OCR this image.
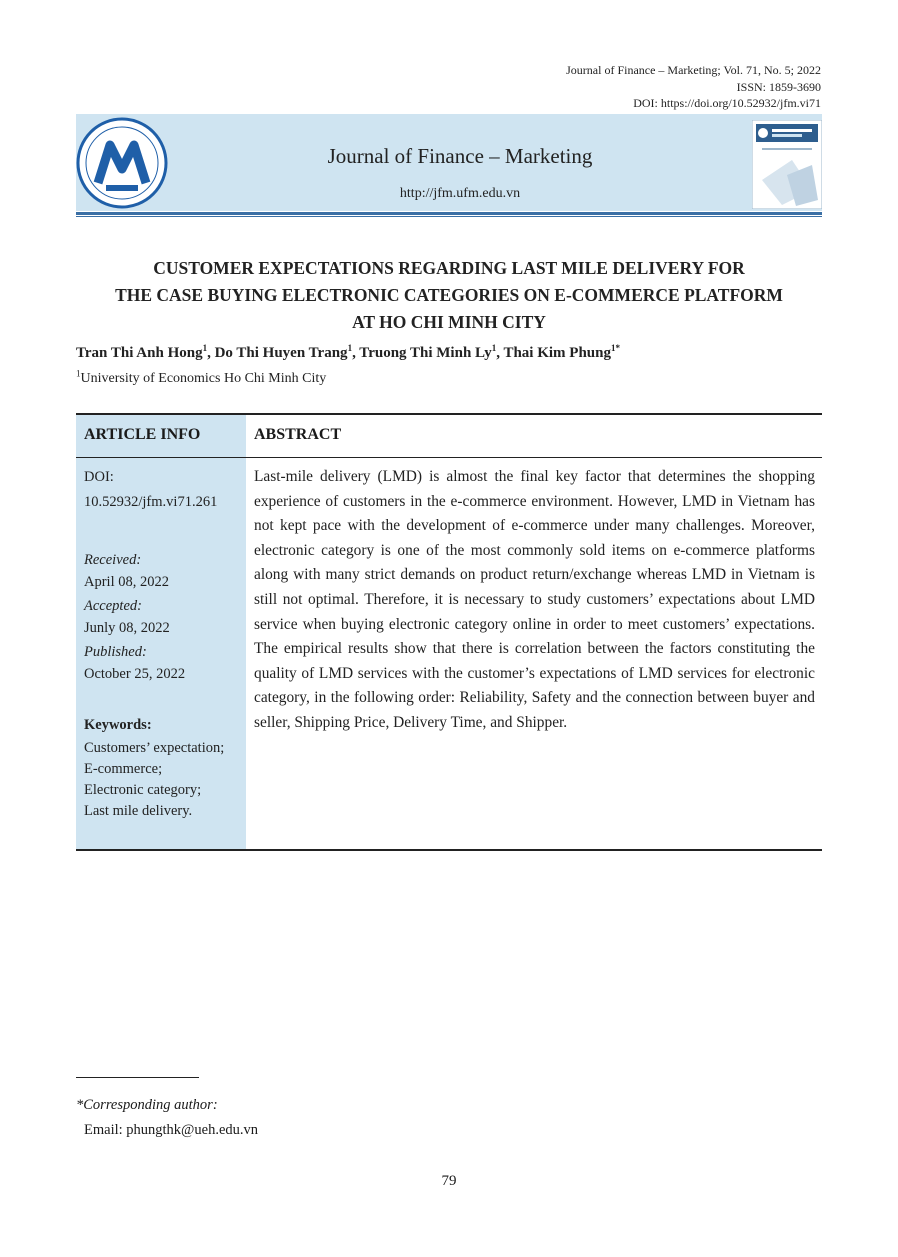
Journal of Finance – Marketing; Vol. 71, No. 5; 2022
ISSN: 1859-3690
DOI: https://doi.org/10.52932/jfm.vi71
Journal of Finance – Marketing
http://jfm.ufm.edu.vn
CUSTOMER EXPECTATIONS REGARDING LAST MILE DELIVERY FOR
THE CASE BUYING ELECTRONIC CATEGORIES ON E-COMMERCE PLATFORM
AT HO CHI MINH CITY
Tran Thi Anh Hong$^1$, Do Thi Huyen Trang$^1$, Truong Thi Minh Ly$^1$, Thai Kim Phung$^{1*}$
$^1$University of Economics Ho Chi Minh City
ARTICLE INFO	ABSTRACT
DOI:
10.52932/jfm.vi71.261
Received:
April 08, 2022
Accepted:
Junly 08, 2022
Published:
October 25, 2022
Keywords:
Customers’ expectation;
E-commerce;
Electronic category;
Last mile delivery.
Last-mile delivery (LMD) is almost the final key factor that determines the shopping experience of customers in the e-commerce environment. However, LMD in Vietnam has not kept pace with the development of e-commerce under many challenges. Moreover, electronic category is one of the most commonly sold items on e-commerce platforms along with many strict demands on product return/exchange whereas LMD in Vietnam is still not optimal. Therefore, it is necessary to study customers’ expectations about LMD service when buying electronic category online in order to meet customers’ expectations. The empirical results show that there is correlation between the factors constituting the quality of LMD services with the customer’s expectations of LMD services for electronic category, in the following order: Reliability, Safety and the connection between buyer and seller, Shipping Price, Delivery Time, and Shipper.
*Corresponding author:
Email: phungthk@ueh.edu.vn
79
